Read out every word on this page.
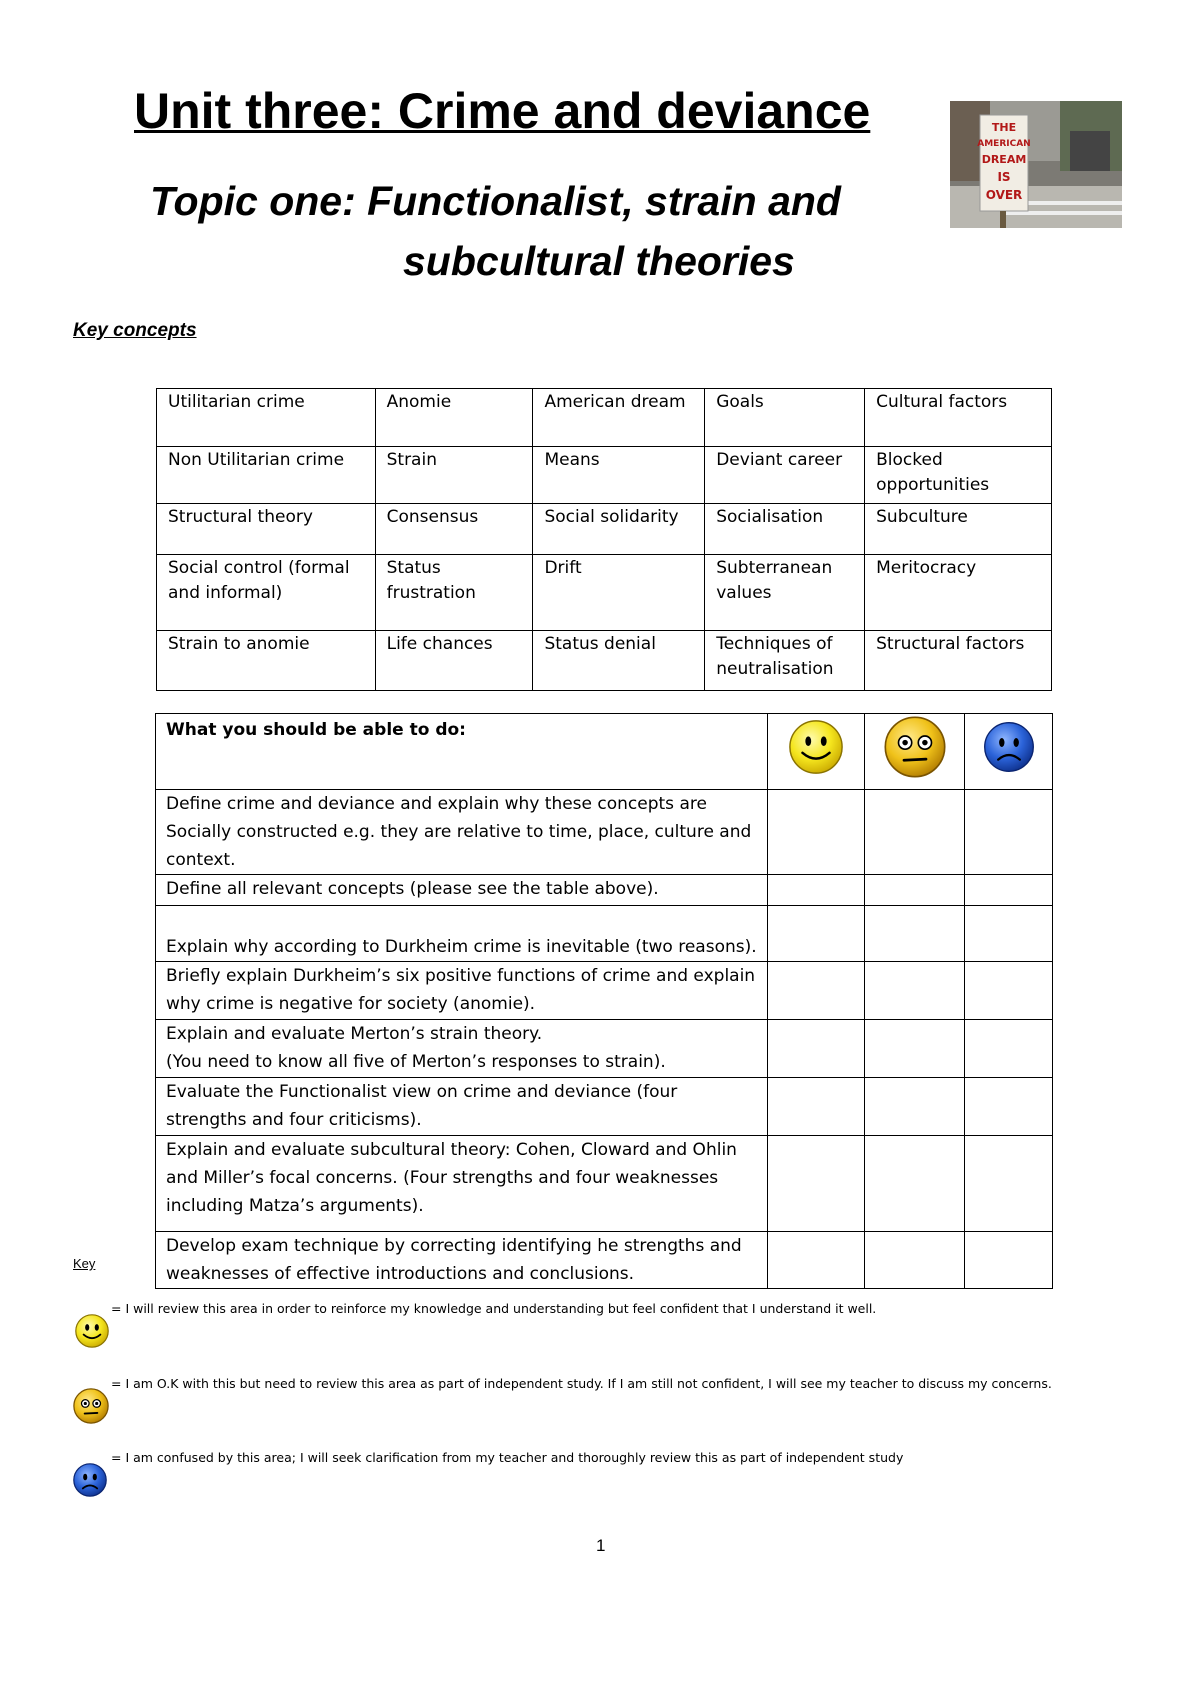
Unit three: Crime and deviance
Topic one: Functionalist, strain and
subcultural theories
THE
AMERICAN
DREAM
IS
OVER
Key concepts
Utilitarian crime	Anomie	American dream	Goals	Cultural factors
Non Utilitarian crime	Strain	Means	Deviant career	Blocked opportunities
Structural theory	Consensus	Social solidarity	Socialisation	Subculture
Social control (formal and informal)	Status frustration	Drift	Subterranean values	Meritocracy
Strain to anomie	Life chances	Status denial	Techniques of neutralisation	Structural factors
What you should be able to do:			
Define crime and deviance and explain why these concepts are Socially constructed e.g. they are relative to time, place, culture and context.			
Define all relevant concepts (please see the table above).			
Explain why according to Durkheim crime is inevitable (two reasons).			
Briefly explain Durkheim’s six positive functions of crime and explain why crime is negative for society (anomie).			

Explain and evaluate Merton’s strain theory.
(You need to know all five of Merton’s responses to strain).			

Evaluate the Functionalist view on crime and deviance (four strengths and four criticisms).			
Explain and evaluate subcultural theory: Cohen, Cloward and Ohlin and Miller’s focal concerns. (Four strengths and four weaknesses including Matza’s arguments).			
Develop exam technique by correcting identifying he strengths and weaknesses of effective introductions and conclusions.			
Key
= I will review this area in order to reinforce my knowledge and understanding but feel confident that I understand it well.
= I am O.K with this but need to review this area as part of independent study. If I am still not confident, I will see my teacher to discuss my concerns.
= I am confused by this area; I will seek clarification from my teacher and thoroughly review this as part of independent study
1
